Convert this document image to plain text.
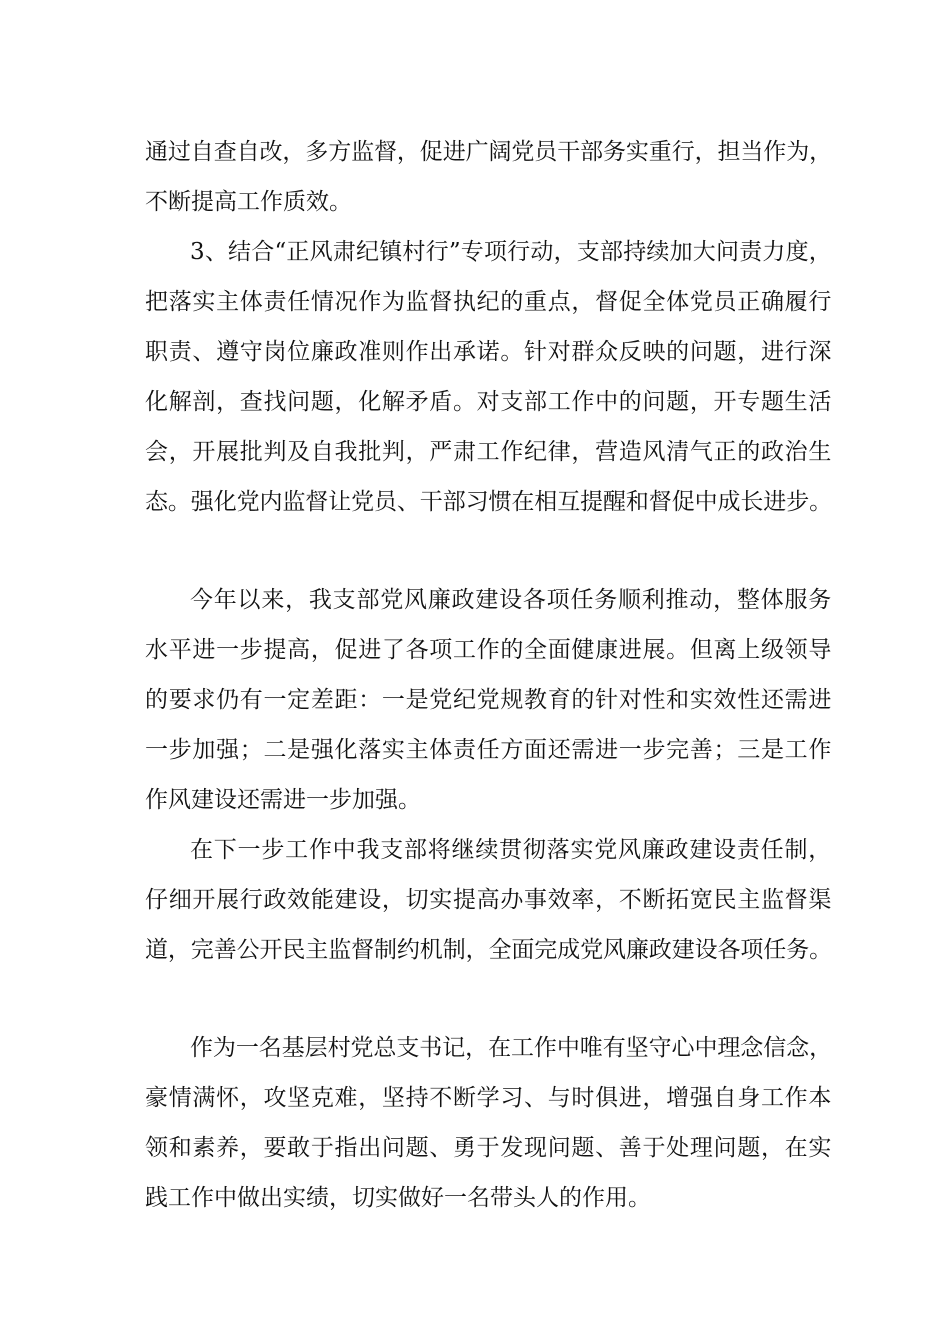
通过自查自改，多方监督，促进广阔党员干部务实重行，担当作为，
不断提高工作质效。
3、结合“正风肃纪镇村行”专项行动，支部持续加大问责力度，
把落实主体责任情况作为监督执纪的重点，督促全体党员正确履行
职责、遵守岗位廉政准则作出承诺。针对群众反映的问题，进行深
化解剖，查找问题，化解矛盾。对支部工作中的问题，开专题生活
会，开展批判及自我批判，严肃工作纪律，营造风清气正的政治生
态。强化党内监督让党员、干部习惯在相互提醒和督促中成长进步。
今年以来，我支部党风廉政建设各项任务顺利推动，整体服务
水平进一步提高，促进了各项工作的全面健康进展。但离上级领导
的要求仍有一定差距：一是党纪党规教育的针对性和实效性还需进
一步加强；二是强化落实主体责任方面还需进一步完善；三是工作
作风建设还需进一步加强。
在下一步工作中我支部将继续贯彻落实党风廉政建设责任制，
仔细开展行政效能建设，切实提高办事效率，不断拓宽民主监督渠
道，完善公开民主监督制约机制，全面完成党风廉政建设各项任务。
作为一名基层村党总支书记，在工作中唯有坚守心中理念信念，
豪情满怀，攻坚克难，坚持不断学习、与时俱进，增强自身工作本
领和素养，要敢于指出问题、勇于发现问题、善于处理问题，在实
践工作中做出实绩，切实做好一名带头人的作用。
